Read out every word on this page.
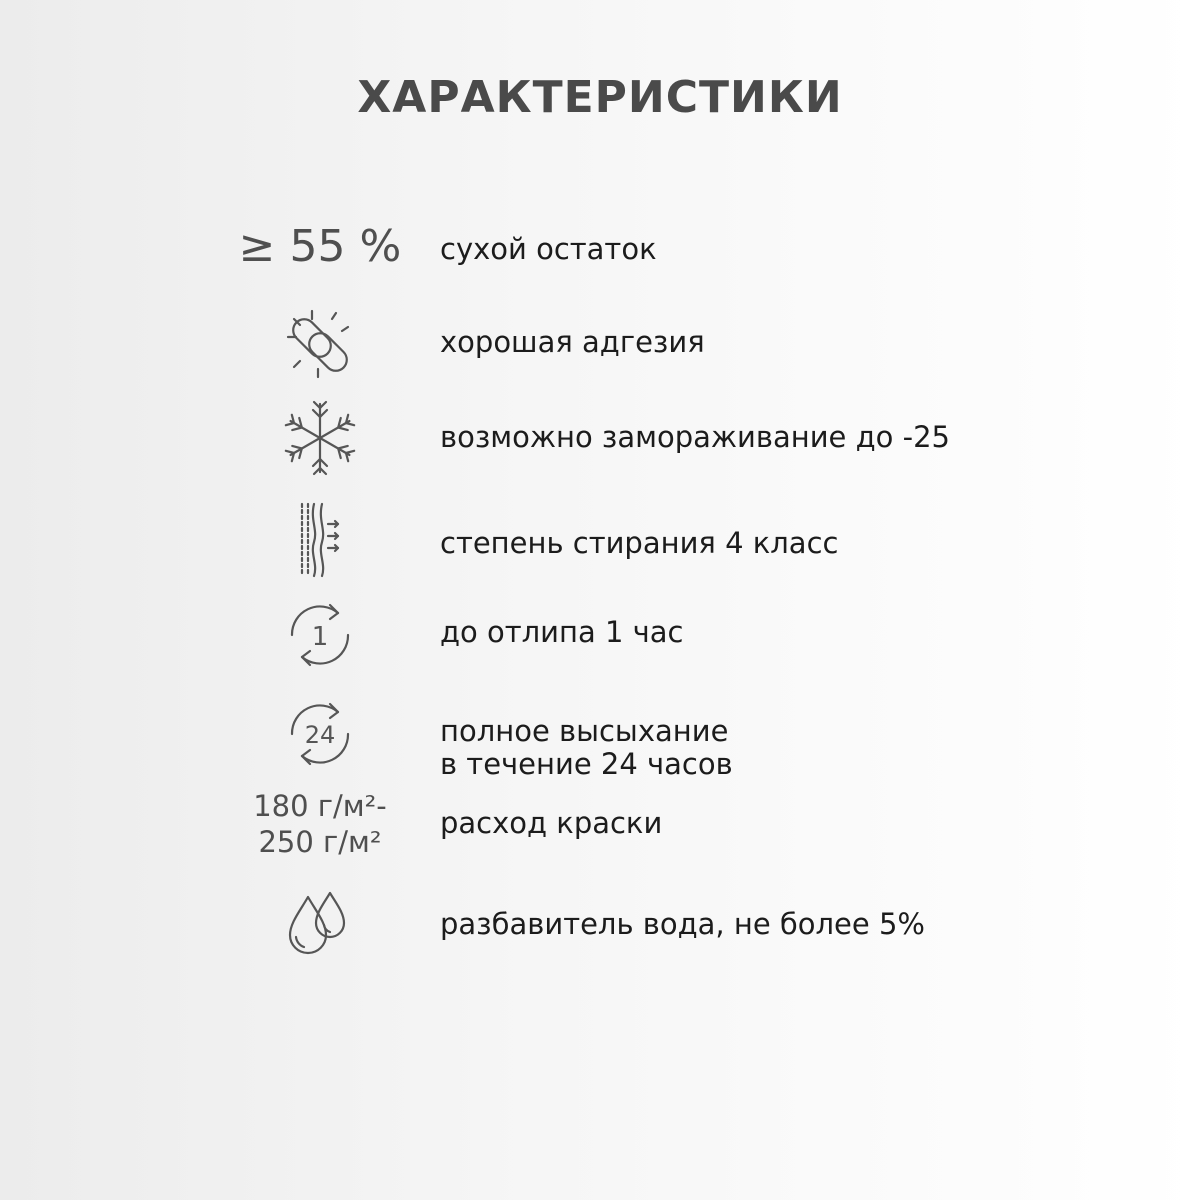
ХАРАКТЕРИСТИКИ
≥ 55 % сухой остаток
хорошая адгезия
возможно замораживание до -25
степень стирания 4 класс
1	до отлипа 1 час
24	полное высыхание
в течение 24 часов
180 г/м²-
250 г/м²
расход краски
разбавитель вода, не более 5%
